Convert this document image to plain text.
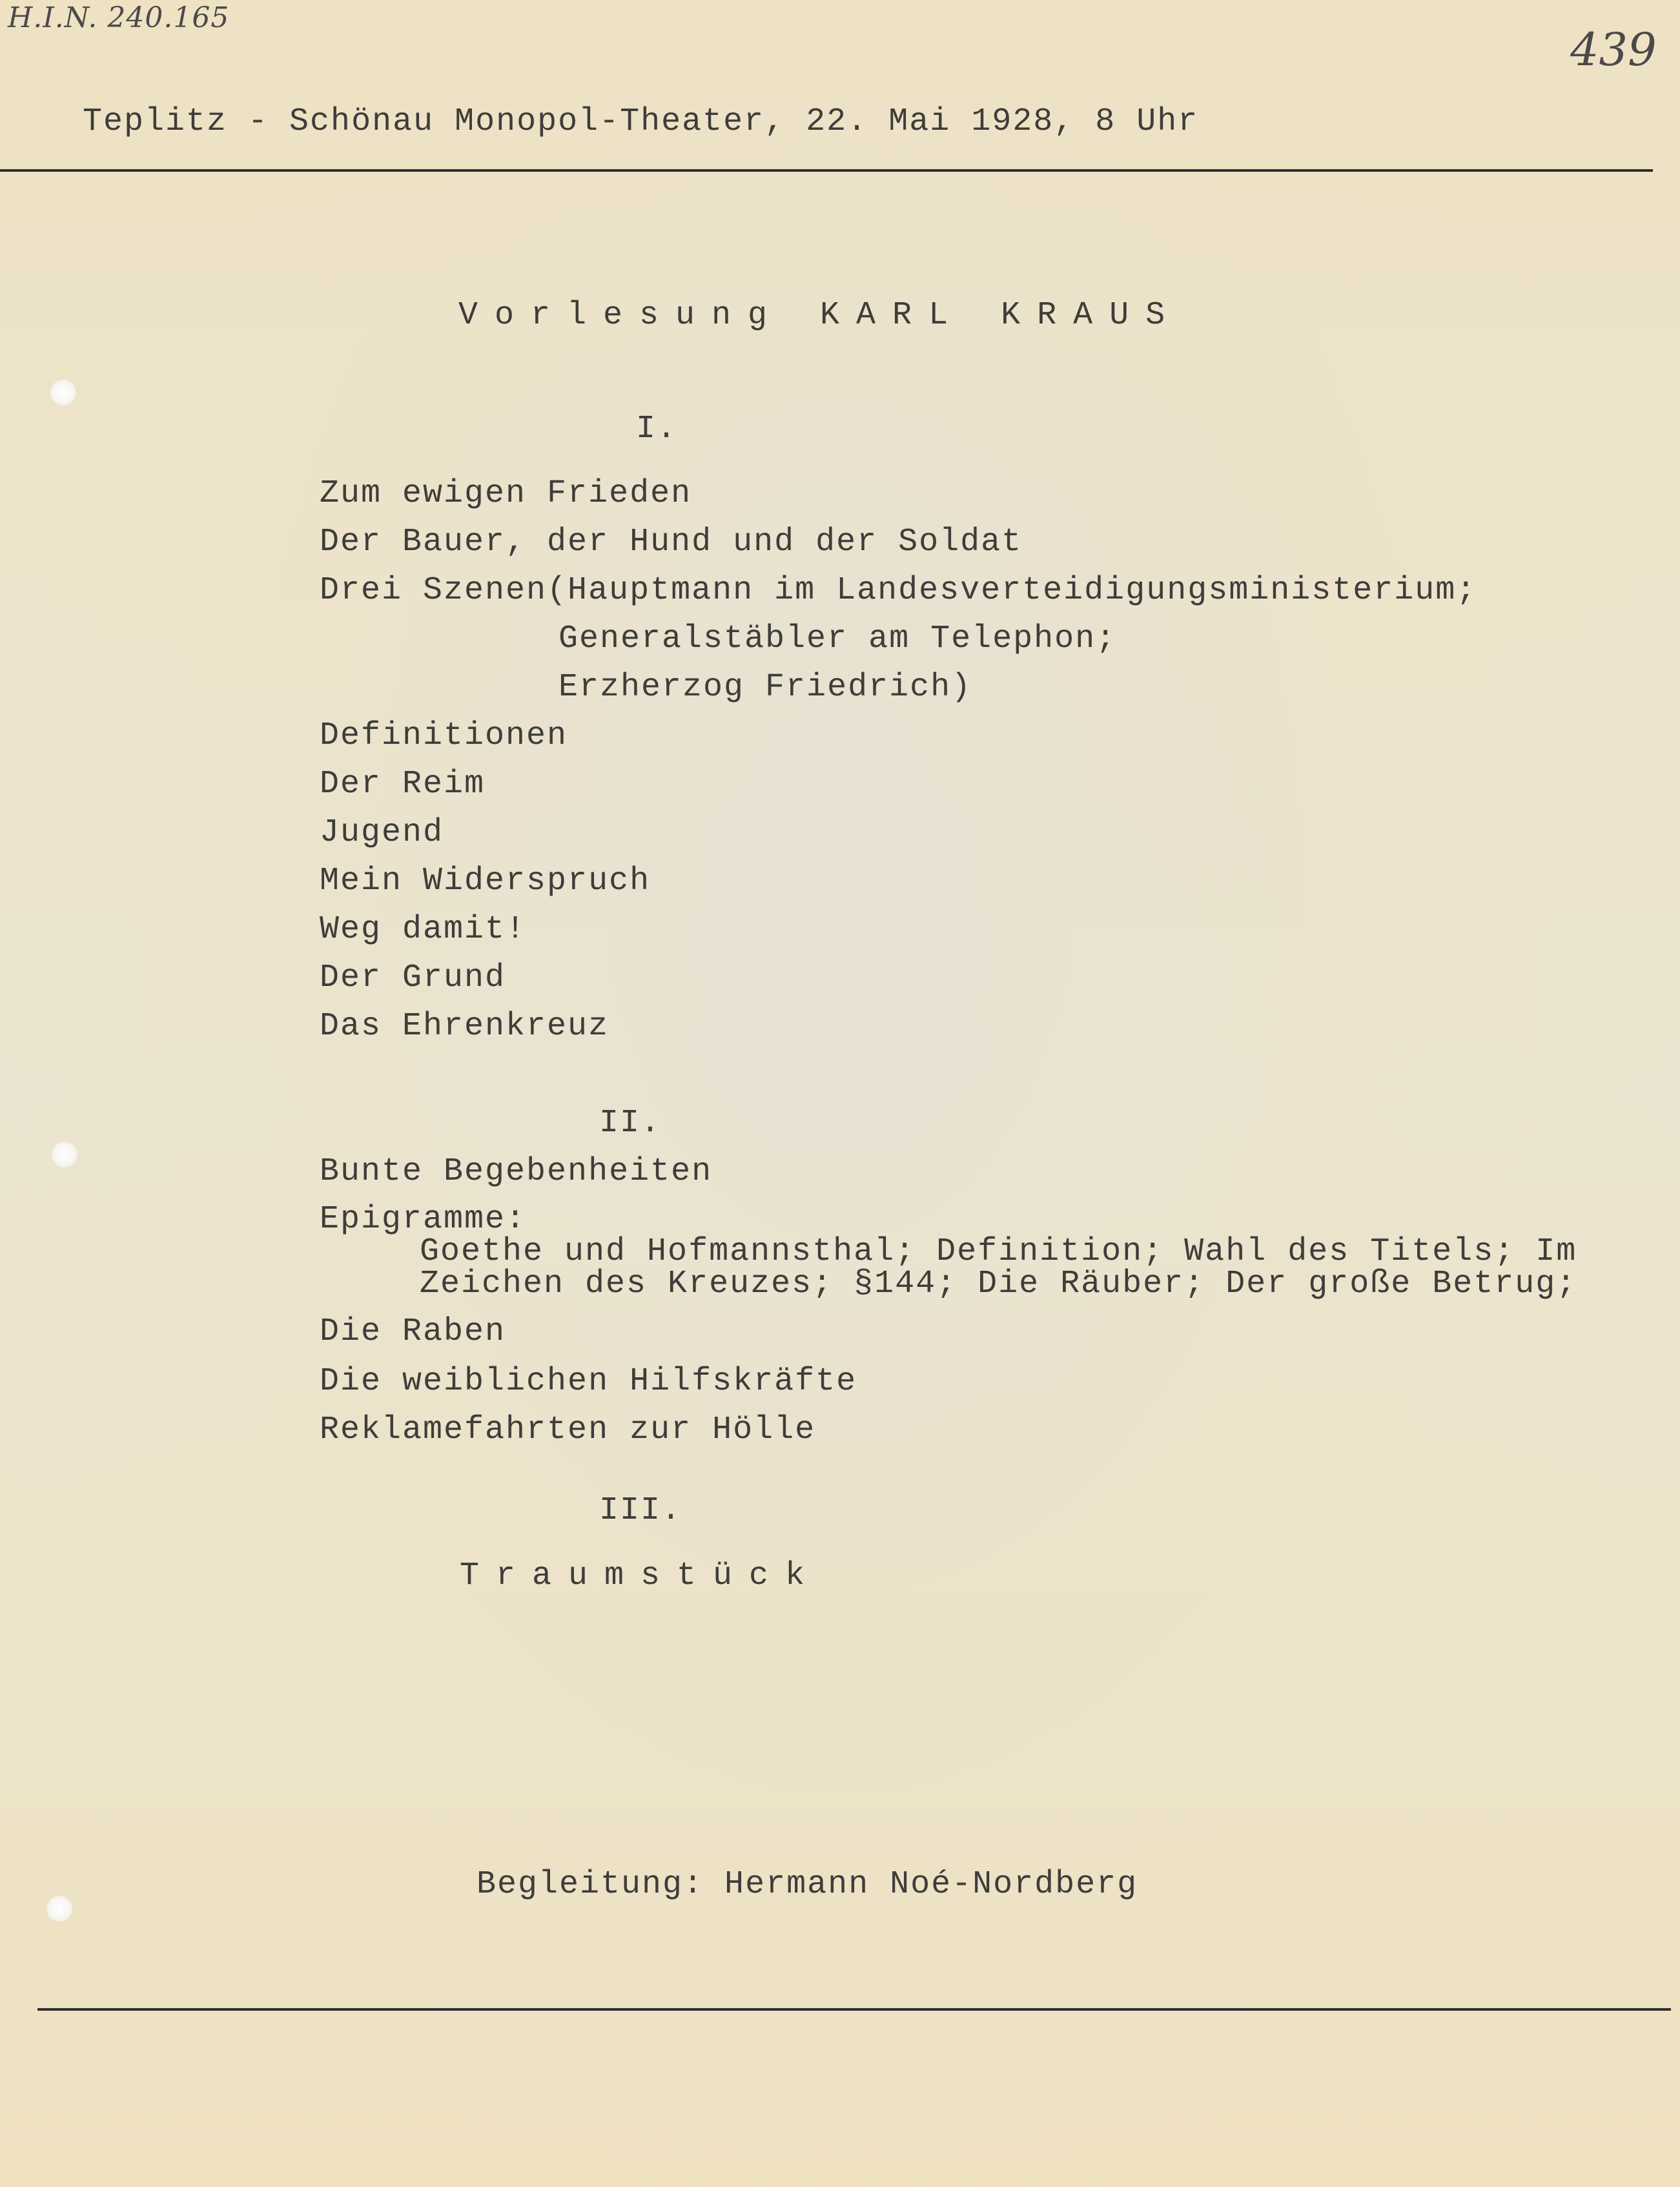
H.I.N. 240.165
439
Teplitz - Schönau Monopol-Theater, 22. Mai 1928, 8 Uhr
Vorlesung KARL KRAUS
I.
Zum ewigen Frieden
Der Bauer, der Hund und der Soldat
Drei Szenen(Hauptmann im Landesverteidigungsministerium;
Generalstäbler am Telephon;
Erzherzog Friedrich)
Definitionen
Der Reim
Jugend
Mein Widerspruch
Weg damit!
Der Grund
Das Ehrenkreuz
II.
Bunte Begebenheiten
Epigramme:
Goethe und Hofmannsthal; Definition; Wahl des Titels; Im
Zeichen des Kreuzes; §144; Die Räuber; Der große Betrug;
Die Raben
Die weiblichen Hilfskräfte
Reklamefahrten zur Hölle
III.
Traumstück
Begleitung: Hermann Noé-Nordberg
